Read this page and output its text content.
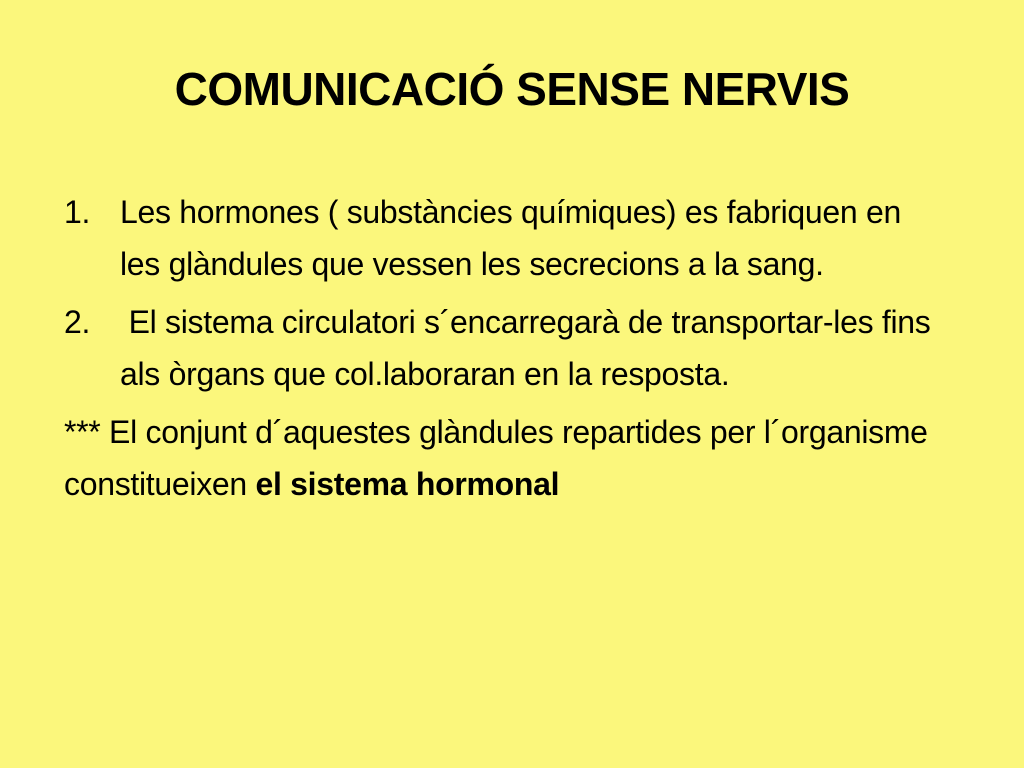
COMUNICACIÓ SENSE NERVIS
1. Les hormones ( substàncies químiques) es fabriquen en les glàndules que vessen les secrecions a la sang.
2. El sistema circulatori s´encarregarà de transportar-les fins als òrgans que col.laboraran en la resposta.
*** El conjunt d´aquestes glàndules repartides per l´organisme constitueixen el sistema hormonal
